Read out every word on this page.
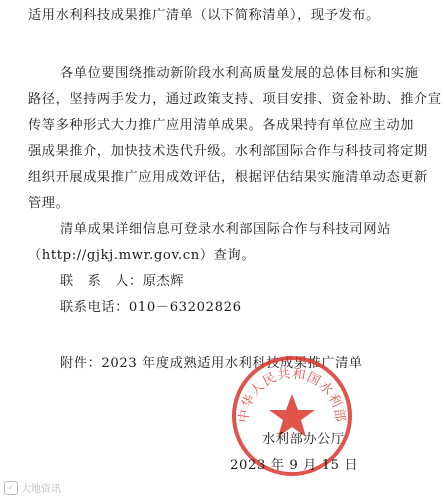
适用水利科技成果推广清单（以下简称清单），现予发布。
各单位要围绕推动新阶段水利高质量发展的总体目标和实施
路径，坚持两手发力，通过政策支持、项目安排、资金补助、推介宣
传等多种形式大力推广应用清单成果。各成果持有单位应主动加
强成果推介，加快技术迭代升级。水利部国际合作与科技司将定期
组织开展成果推广应用成效评估，根据评估结果实施清单动态更新
管理。
清单成果详细信息可登录水利部国际合作与科技司网站
（http://gjkj.mwr.gov.cn）查询。
联　系　人：原杰辉
联系电话：010－63202826
附件：2023 年度成熟适用水利科技成果推广清单
中华人民共和国水利部
水利部办公厅
2023 年 9 月 15 日
✓ 大地资讯
